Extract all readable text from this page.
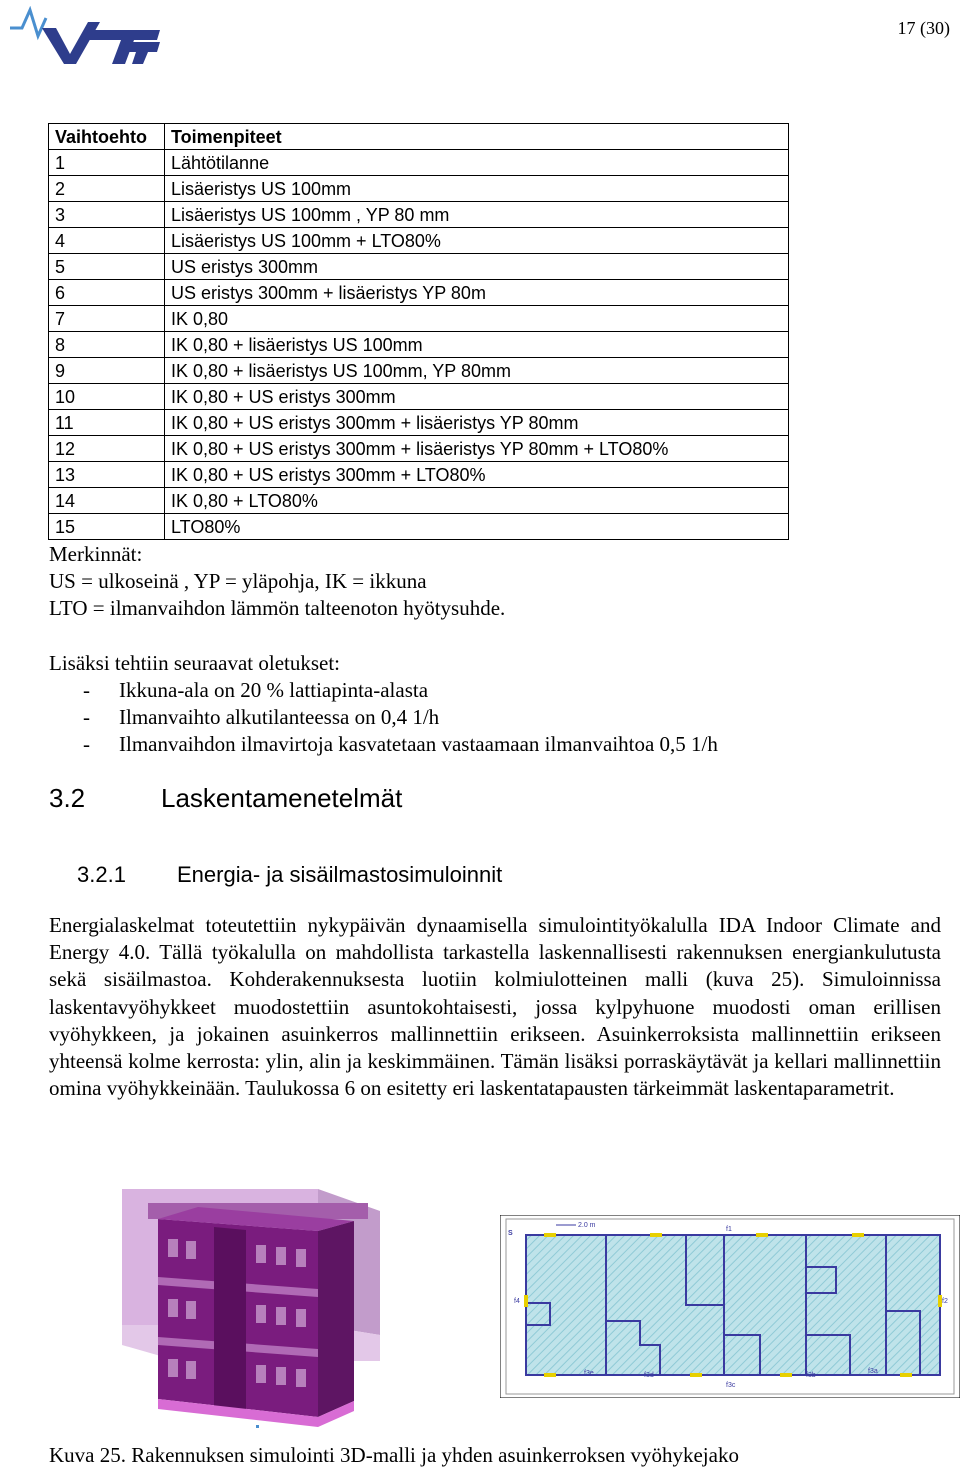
17 (30)
Vaihtoehto	Toimenpiteet
1	Lähtötilanne
2	Lisäeristys US 100mm
3	Lisäeristys US 100mm , YP 80 mm
4	Lisäeristys US 100mm + LTO80%
5	US eristys 300mm
6	US eristys 300mm + lisäeristys YP 80m
7	IK 0,80
8	IK 0,80 + lisäeristys US 100mm
9	IK 0,80 + lisäeristys US 100mm, YP 80mm
10	IK 0,80 + US eristys 300mm
11	IK 0,80 + US eristys 300mm + lisäeristys YP 80mm
12	IK 0,80 + US eristys 300mm + lisäeristys YP 80mm + LTO80%
13	IK 0,80 + US eristys 300mm + LTO80%
14	IK 0,80 + LTO80%
15	LTO80%
Merkinnät:
US = ulkoseinä , YP = yläpohja, IK = ikkuna
LTO = ilmanvaihdon lämmön talteenoton hyötysuhde.
Lisäksi tehtiin seuraavat oletukset:
- Ikkuna-ala on 20 % lattiapinta-alasta
- Ilmanvaihto alkutilanteessa on 0,4 1/h
- Ilmanvaihdon ilmavirtoja kasvatetaan vastaamaan ilmanvaihtoa 0,5 1/h
3.2	Laskentamenetelmät
3.2.1 Energia- ja sisäilmastosimuloinnit

Energialaskelmat toteutettiin nykypäivän dynaamisella simulointityökalulla IDA Indoor Climate and Energy 4.0. Tällä työkalulla on mahdollista tarkastella laskennallisesti rakennuksen energiankulutusta sekä sisäilmastoa. Kohderakennuksesta luotiin kolmiulotteinen malli (kuva 25). Simuloinnissa laskentavyöhykkeet muodostettiin asuntokohtaisesti, jossa kylpyhuone muodosti oman erillisen vyöhykkeen, ja jokainen asuinkerros mallinnettiin erikseen. Asuinkerroksista mallinnettiin erikseen yhteensä kolme kerrosta: ylin, alin ja keskimmäinen. Tämän lisäksi porraskäytävät ja kellari mallinnettiin omina vyöhykkeinään. Taulukossa 6 on esitetty eri laskentatapausten tärkeimmät laskentaparametrit.

S
2.0 m
f1
f2
f4
f3e	f3d
f3c
f3b
f3a
Kuva 25. Rakennuksen simulointi 3D-malli ja yhden asuinkerroksen vyöhykejako
